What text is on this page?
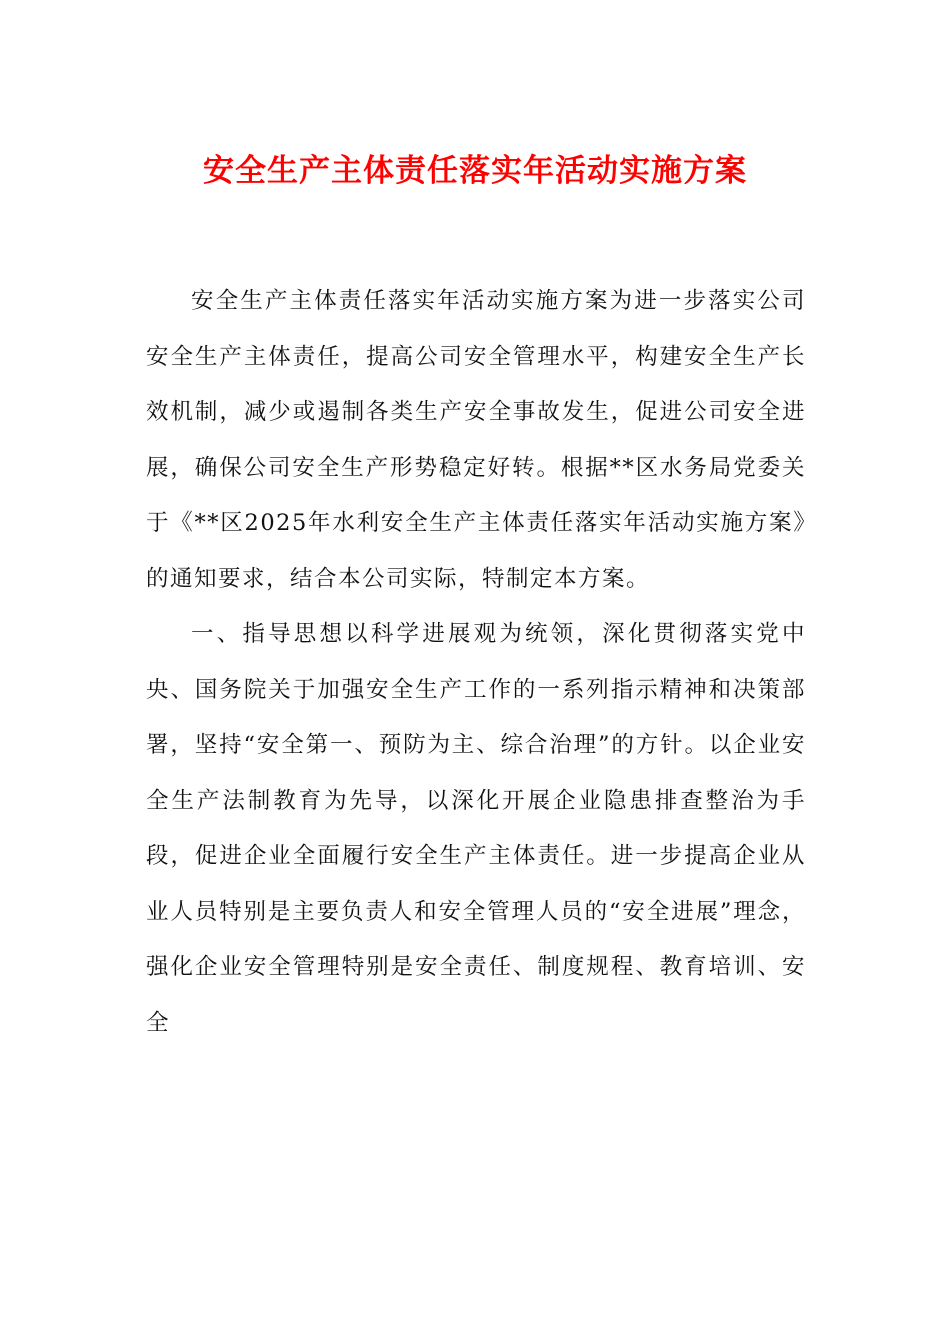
安全生产主体责任落实年活动实施方案

安全生产主体责任落实年活动实施方案为进一步落实公司安全生产主体责任，提高公司安全管理水平，构建安全生产长效机制，减少或遏制各类生产安全事故发生，促进公司安全进展，确保公司安全生产形势稳定好转。根据**区水务局党委关于《**区2025年水利安全生产主体责任落实年活动实施方案》的通知要求，结合本公司实际，特制定本方案。

一、指导思想以科学进展观为统领，深化贯彻落实党中央、国务院关于加强安全生产工作的一系列指示精神和决策部署，坚持“安全第一、预防为主、综合治理”的方针。以企业安全生产法制教育为先导，以深化开展企业隐患排查整治为手段，促进企业全面履行安全生产主体责任。进一步提高企业从业人员特别是主要负责人和安全管理人员的“安全进展”理念，强化企业安全管理特别是安全责任、制度规程、教育培训、安全
